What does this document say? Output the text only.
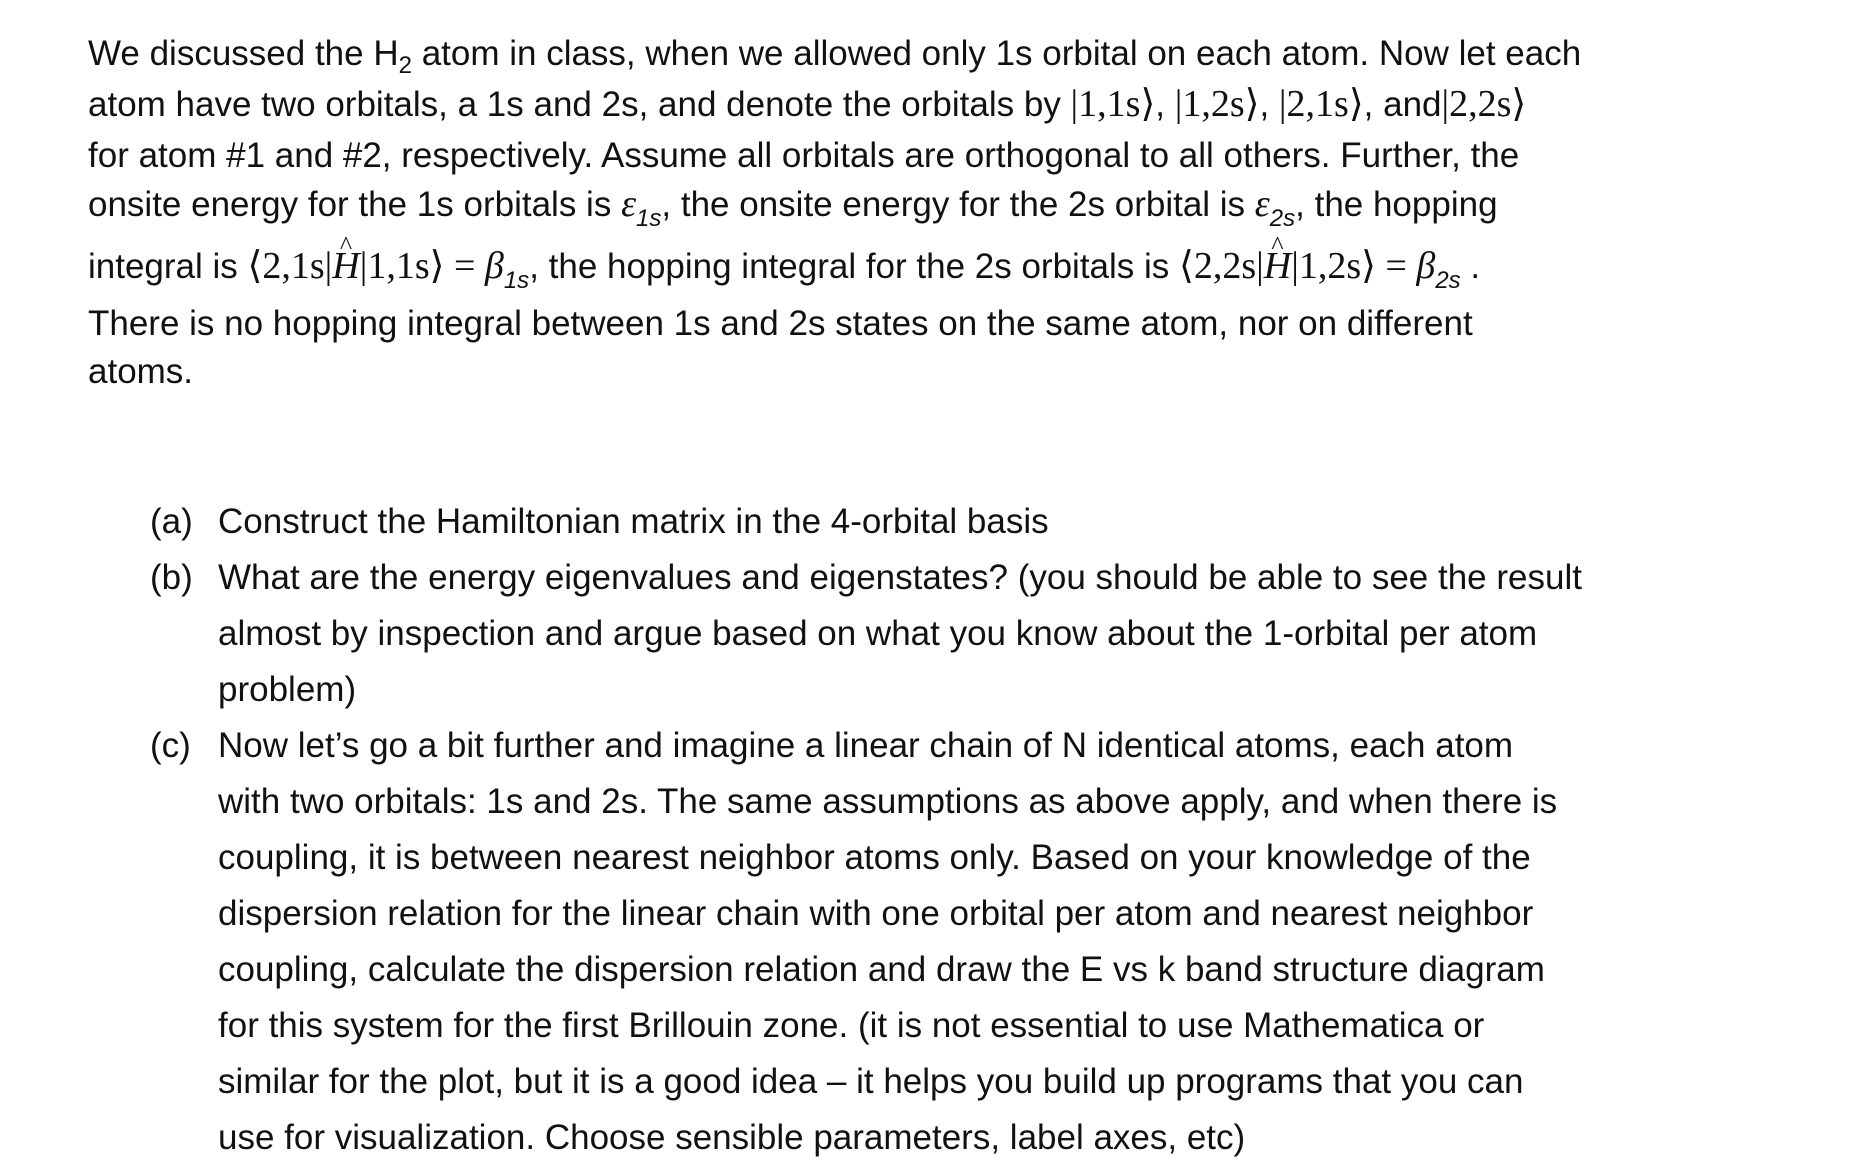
We discussed the $H_2$ atom in class, when we allowed only 1s orbital on each atom. Now let each
atom have two orbitals, a 1s and 2s, and denote the orbitals by |1,1s⟩, |1,2s⟩, |2,1s⟩, and|2,2s⟩
for atom #1 and #2, respectively. Assume all orbitals are orthogonal to all others. Further, the
onsite energy for the 1s orbitals is $\varepsilon_{1s}$, the onsite energy for the 2s orbital is $\varepsilon_{2s}$, the hopping
integral is ⟨2,1s|^ H|1,1s⟩ = $\beta_{1s}$, the hopping integral for the 2s orbitals is ⟨2,2s|^ H|1,2s⟩ = $\beta_{2s}$ .
There is no hopping integral between 1s and 2s states on the same atom, nor on different
atoms.
(a) Construct the Hamiltonian matrix in the 4-orbital basis
(b) What are the energy eigenvalues and eigenstates? (you should be able to see the result
almost by inspection and argue based on what you know about the 1-orbital per atom
problem)
(c) Now let’s go a bit further and imagine a linear chain of N identical atoms, each atom
with two orbitals: 1s and 2s. The same assumptions as above apply, and when there is
coupling, it is between nearest neighbor atoms only. Based on your knowledge of the
dispersion relation for the linear chain with one orbital per atom and nearest neighbor
coupling, calculate the dispersion relation and draw the E vs k band structure diagram
for this system for the first Brillouin zone. (it is not essential to use Mathematica or
similar for the plot, but it is a good idea – it helps you build up programs that you can
use for visualization. Choose sensible parameters, label axes, etc)
